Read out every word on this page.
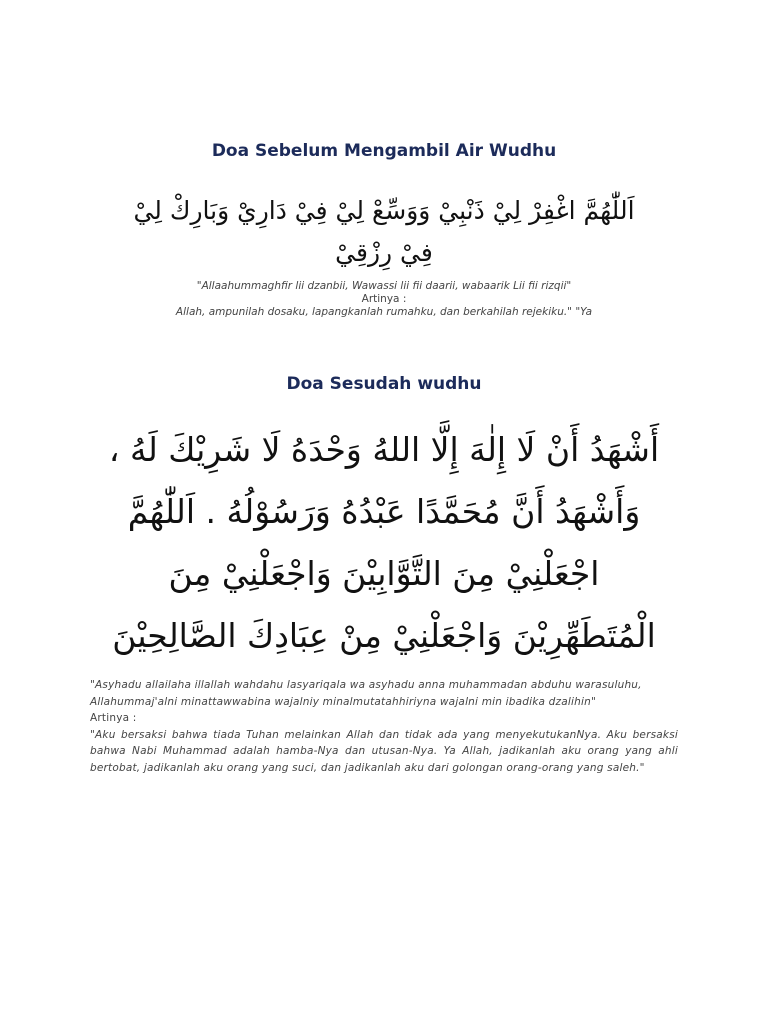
Doa Sebelum Mengambil Air Wudhu
اَللّٰهُمَّ اغْفِرْ لِيْ ذَنْبِيْ وَوَسِّعْ لِيْ فِيْ دَارِيْ وَبَارِكْ لِيْ فِيْ رِزْقِيْ
"Allaahummaghfir lii dzanbii, Wawassi lii fii daarii, wabaarik Lii fii rizqii"
Artinya :
Allah, ampunilah dosaku, lapangkanlah rumahku, dan berkahilah rejekiku." "Ya
Doa Sesudah wudhu
أَشْهَدُ أَنْ لَا إِلٰهَ إِلَّا اللهُ وَحْدَهُ لَا شَرِيْكَ لَهُ ، وَأَشْهَدُ أَنَّ مُحَمَّدًا عَبْدُهُ وَرَسُوْلُهُ . اَللّٰهُمَّ اجْعَلْنِيْ مِنَ التَّوَّابِيْنَ وَاجْعَلْنِيْ مِنَ الْمُتَطَهِّرِيْنَ وَاجْعَلْنِيْ مِنْ عِبَادِكَ الصَّالِحِيْنَ
"Asyhadu allailaha illallah wahdahu lasyariqala wa asyhadu anna muhammadan abduhu warasuluhu, Allahummaj'alni minattawwabina wajalniy minalmutatahhiriyna wajalni min ibadika dzalihin"
Artinya :
"Aku bersaksi bahwa tiada Tuhan melainkan Allah dan tidak ada yang menyekutukanNya. Aku bersaksi bahwa Nabi Muhammad adalah hamba-Nya dan utusan-Nya. Ya Allah, jadikanlah aku orang yang ahli bertobat, jadikanlah aku orang yang suci, dan jadikanlah aku dari golongan orang-orang yang saleh."
